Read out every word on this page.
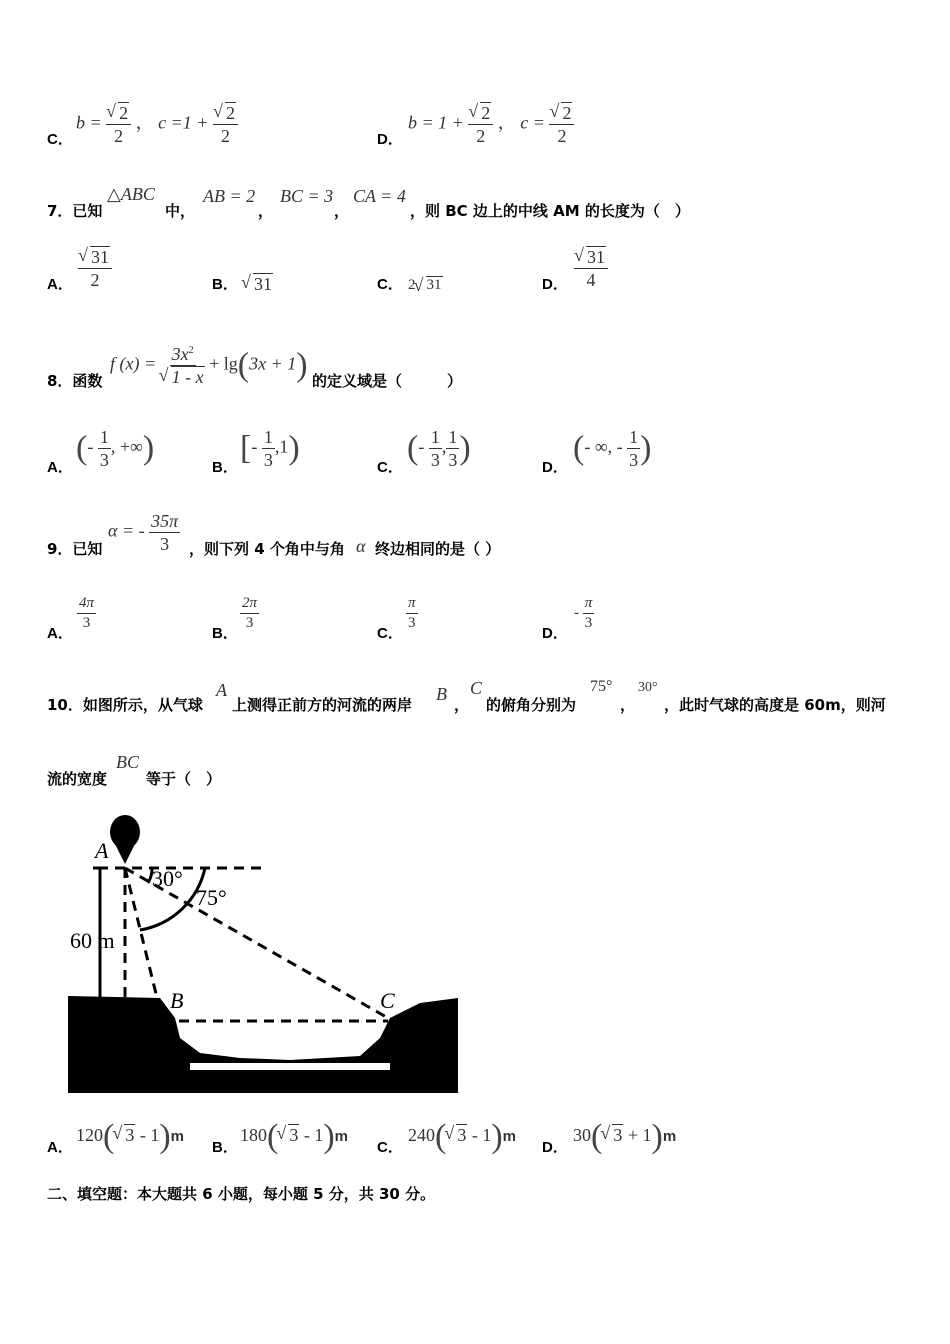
C．
b = √ $\frac{2}{2}$ ， c =1 + √ $\frac{2}{2}$	D．
b = 1 + √ $\frac{2}{2}$ ， c = √ $\frac{2}{2}$
7．已知
△ABC
中，
AB = 2
，
BC = 3
，
CA = 4
，则 BC 边上的中线 AM 的长度为（　）
A． √ $\frac{31}{2}$	B． √ 31	C． 2 √ 31	D． √ $\frac{31}{4}$
8．函数
f $(x) = 3x^2$
√ 1 - x + lg(3x + 1) 的定义域是（　　　）
A．
(- $\frac{1}{3}$ , +∞)
B．
[- $\frac{1}{3} ,1$)
C．
(- $\frac{1}{3}$ , $\frac{1}{3}$ )
D．
(- ∞, - $\frac{1}{3}$ )
9．已知
α = - $\frac{35\pi}{3}$ ，则下列 4 个角中与角 α 终边相同的是（ ）
A．
$\frac{4\pi}{3}$
B．
$\frac{2\pi}{3}$
C．
$\frac{\pi}{3}$
D．
- $\frac{\pi}{3}$
10．如图所示，从气球
A
上测得正前方的河流的两岸
B
，
C
的俯角分别为
75°
，
30°
，此时气球的高度是 60m，则河
流的宽度
BC
等于（　）
A
B	C
30°
75°
60 m
A．
120( √ 3 - 1)m
B．
180( √ 3 - 1)m
C．
240( √ 3 - 1)m
D．
30( √ 3 + 1)m
二、填空题：本大题共 6 小题，每小题 5 分，共 30 分。
